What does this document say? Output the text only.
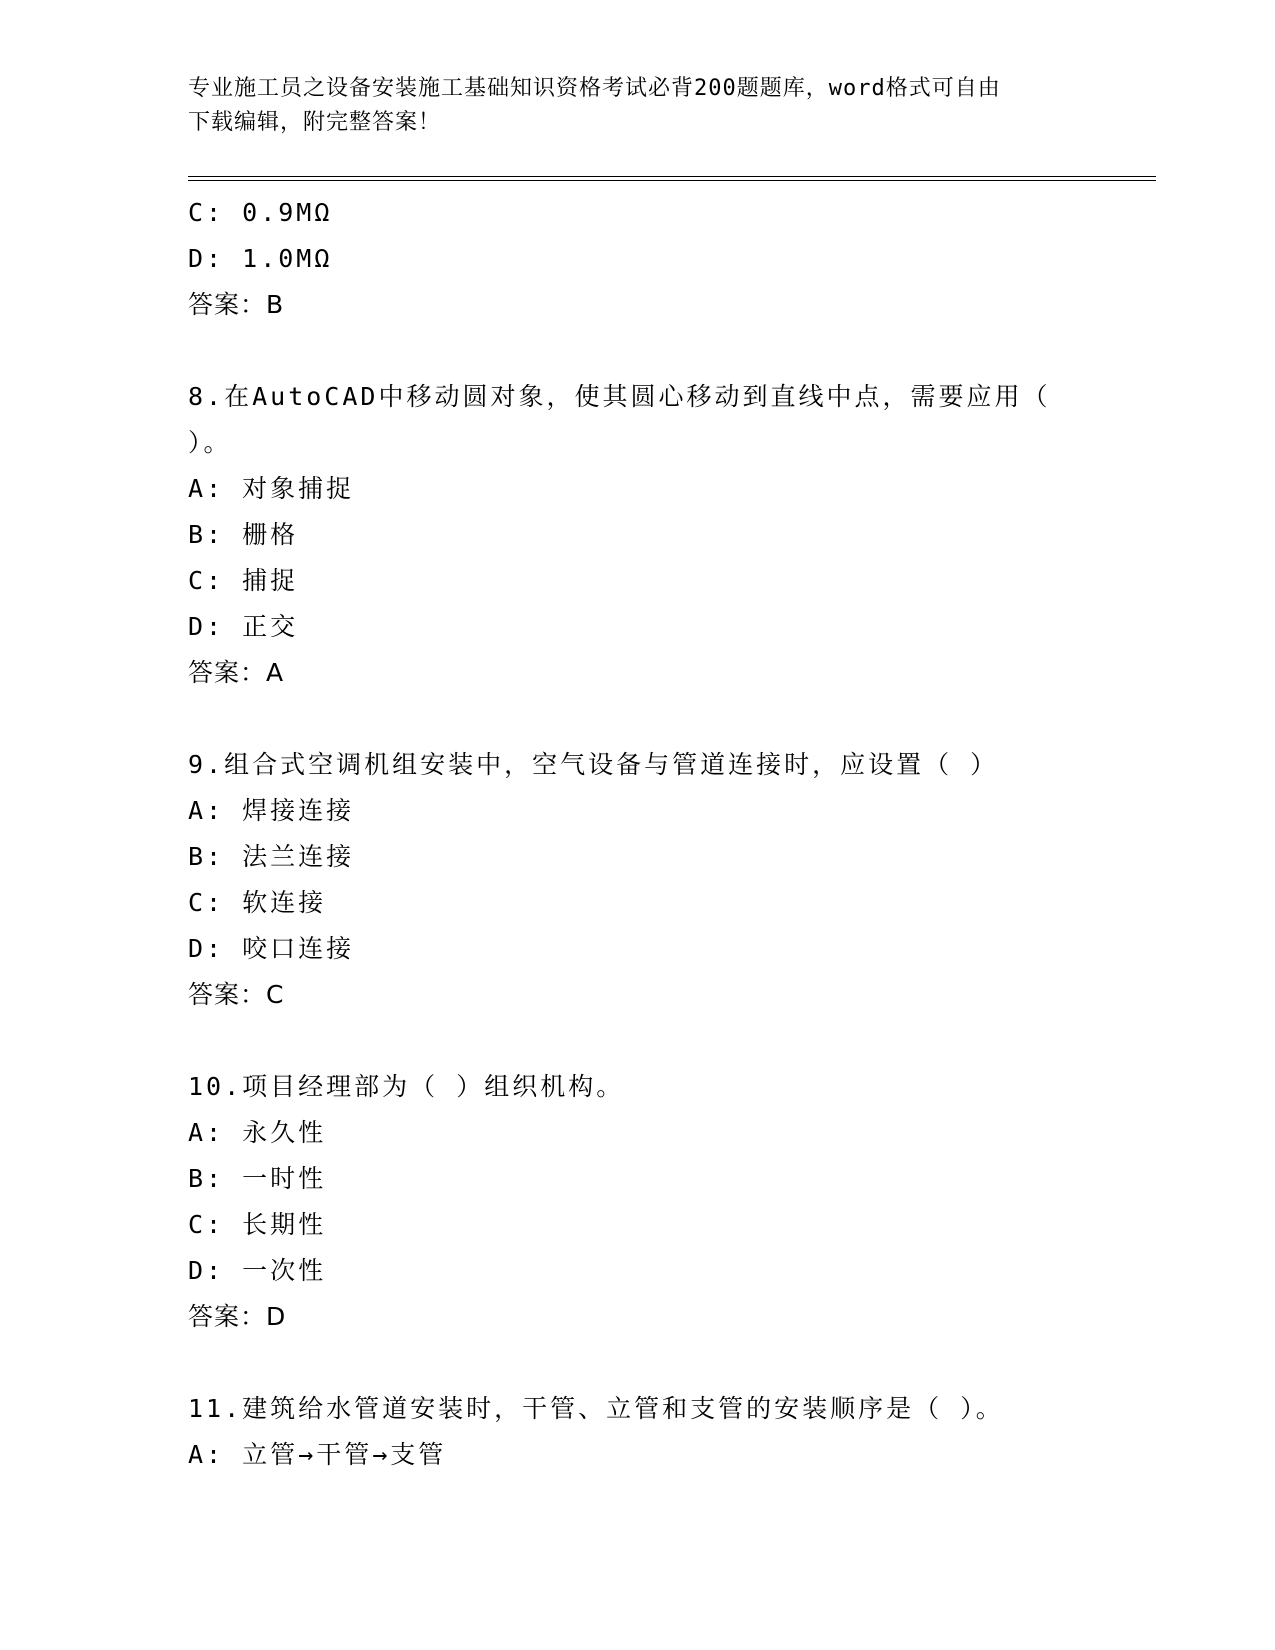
专业施工员之设备安装施工基础知识资格考试必背200题题库，word格式可自由
下载编辑，附完整答案！
C: 0.9MΩ
D: 1.0MΩ
答案：B
8.在AutoCAD中移动圆对象，使其圆心移动到直线中点，需要应用（
）。
A: 对象捕捉
B: 栅格
C: 捕捉
D: 正交
答案：A
9.组合式空调机组安装中，空气设备与管道连接时，应设置（ ）
A: 焊接连接
B: 法兰连接
C: 软连接
D: 咬口连接
答案：C
10.项目经理部为（ ）组织机构。
A: 永久性
B: 一时性
C: 长期性
D: 一次性
答案：D
11.建筑给水管道安装时，干管、立管和支管的安装顺序是（ ）。
A: 立管→干管→支管
